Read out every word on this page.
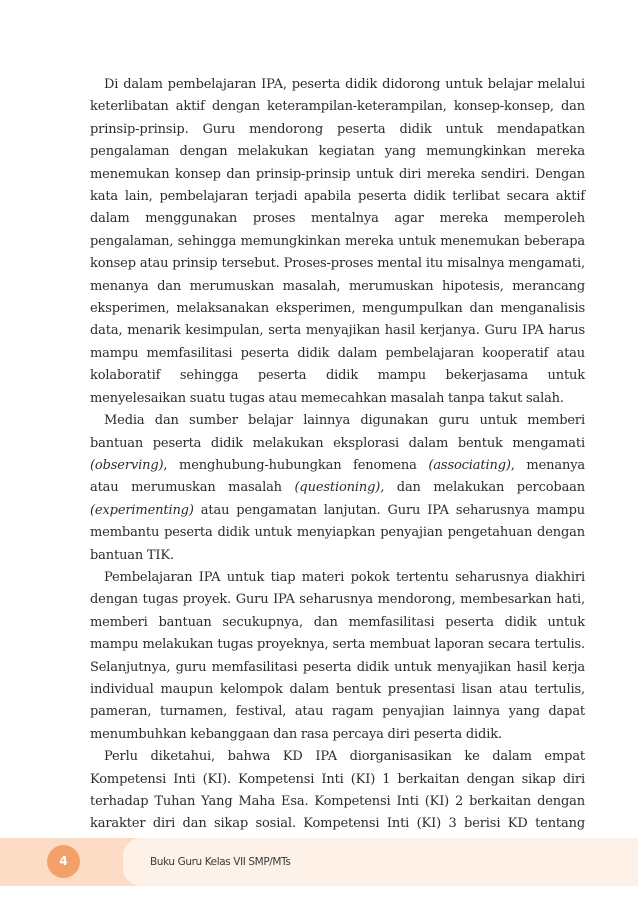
Di dalam pembelajaran IPA, peserta didik didorong untuk belajar melalui keterlibatan aktif dengan keterampilan-keterampilan, konsep-konsep, dan prinsip-prinsip. Guru mendorong peserta didik untuk mendapatkan pengalaman dengan melakukan kegiatan yang memungkinkan mereka menemukan konsep dan prinsip-prinsip untuk diri mereka sendiri. Dengan kata lain, pembelajaran terjadi apabila peserta didik terlibat secara aktif dalam menggunakan proses mentalnya agar mereka memperoleh pengalaman, sehingga memungkinkan mereka untuk menemukan beberapa konsep atau prinsip tersebut. Proses-proses mental itu misalnya mengamati, menanya dan merumuskan masalah, merumuskan hipotesis, merancang eksperimen, melaksanakan eksperimen, mengumpulkan dan menganalisis data, menarik kesimpulan, serta menyajikan hasil kerjanya. Guru IPA harus mampu memfasilitasi peserta didik dalam pembelajaran kooperatif atau kolaboratif sehingga peserta didik mampu bekerjasama untuk menyelesaikan suatu tugas atau memecahkan masalah tanpa takut salah.

Media dan sumber belajar lainnya digunakan guru untuk memberi bantuan peserta didik melakukan eksplorasi dalam bentuk mengamati (observing), menghubung-hubungkan fenomena (associating), menanya atau merumuskan masalah (questioning), dan melakukan percobaan (experimenting) atau pengamatan lanjutan. Guru IPA seharusnya mampu membantu peserta didik untuk menyiapkan penyajian pengetahuan dengan bantuan TIK.

Pembelajaran IPA untuk tiap materi pokok tertentu seharusnya diakhiri dengan tugas proyek. Guru IPA seharusnya mendorong, membesarkan hati, memberi bantuan secukupnya, dan memfasilitasi peserta didik untuk mampu melakukan tugas proyeknya, serta membuat laporan secara tertulis. Selanjutnya, guru memfasilitasi peserta didik untuk menyajikan hasil kerja individual maupun kelompok dalam bentuk presentasi lisan atau tertulis, pameran, turnamen, festival, atau ragam penyajian lainnya yang dapat menumbuhkan kebanggaan dan rasa percaya diri peserta didik.

Perlu diketahui, bahwa KD IPA diorganisasikan ke dalam empat Kompetensi Inti (KI). Kompetensi Inti (KI) 1 berkaitan dengan sikap diri terhadap Tuhan Yang Maha Esa. Kompetensi Inti (KI) 2 berkaitan dengan karakter diri dan sikap sosial. Kompetensi Inti (KI) 3 berisi KD tentang

4	Buku Guru Kelas VII SMP/MTs
